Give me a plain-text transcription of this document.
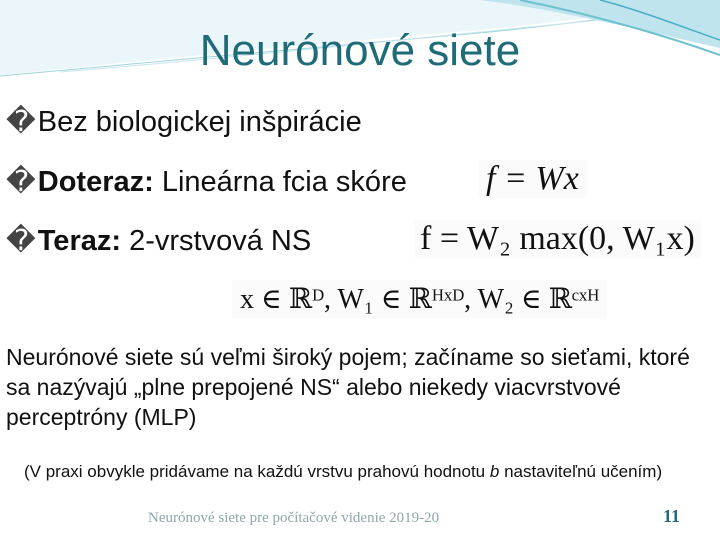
Neurónové siete
�Bez biologickej inšpirácie
�Doteraz: Lineárna fcia skóre
�Teraz: 2-vrstvová NS
f = Wx
f = W₂ max(0, W₁x)
x ∈ ℝᴰ, W₁ ∈ ℝᴴˣᴰ, W₂ ∈ ℝᶜˣᴴ
Neurónové siete sú veľmi široký pojem; začíname so sieťami, ktoré sa nazývajú „plne prepojené NS“ alebo niekedy viacvrstvové perceptróny (MLP)
(V praxi obvykle pridávame na každú vrstvu prahovú hodnotu b nastaviteľnú učením)
Neurónové siete pre počítačové videnie 2019-20	11
